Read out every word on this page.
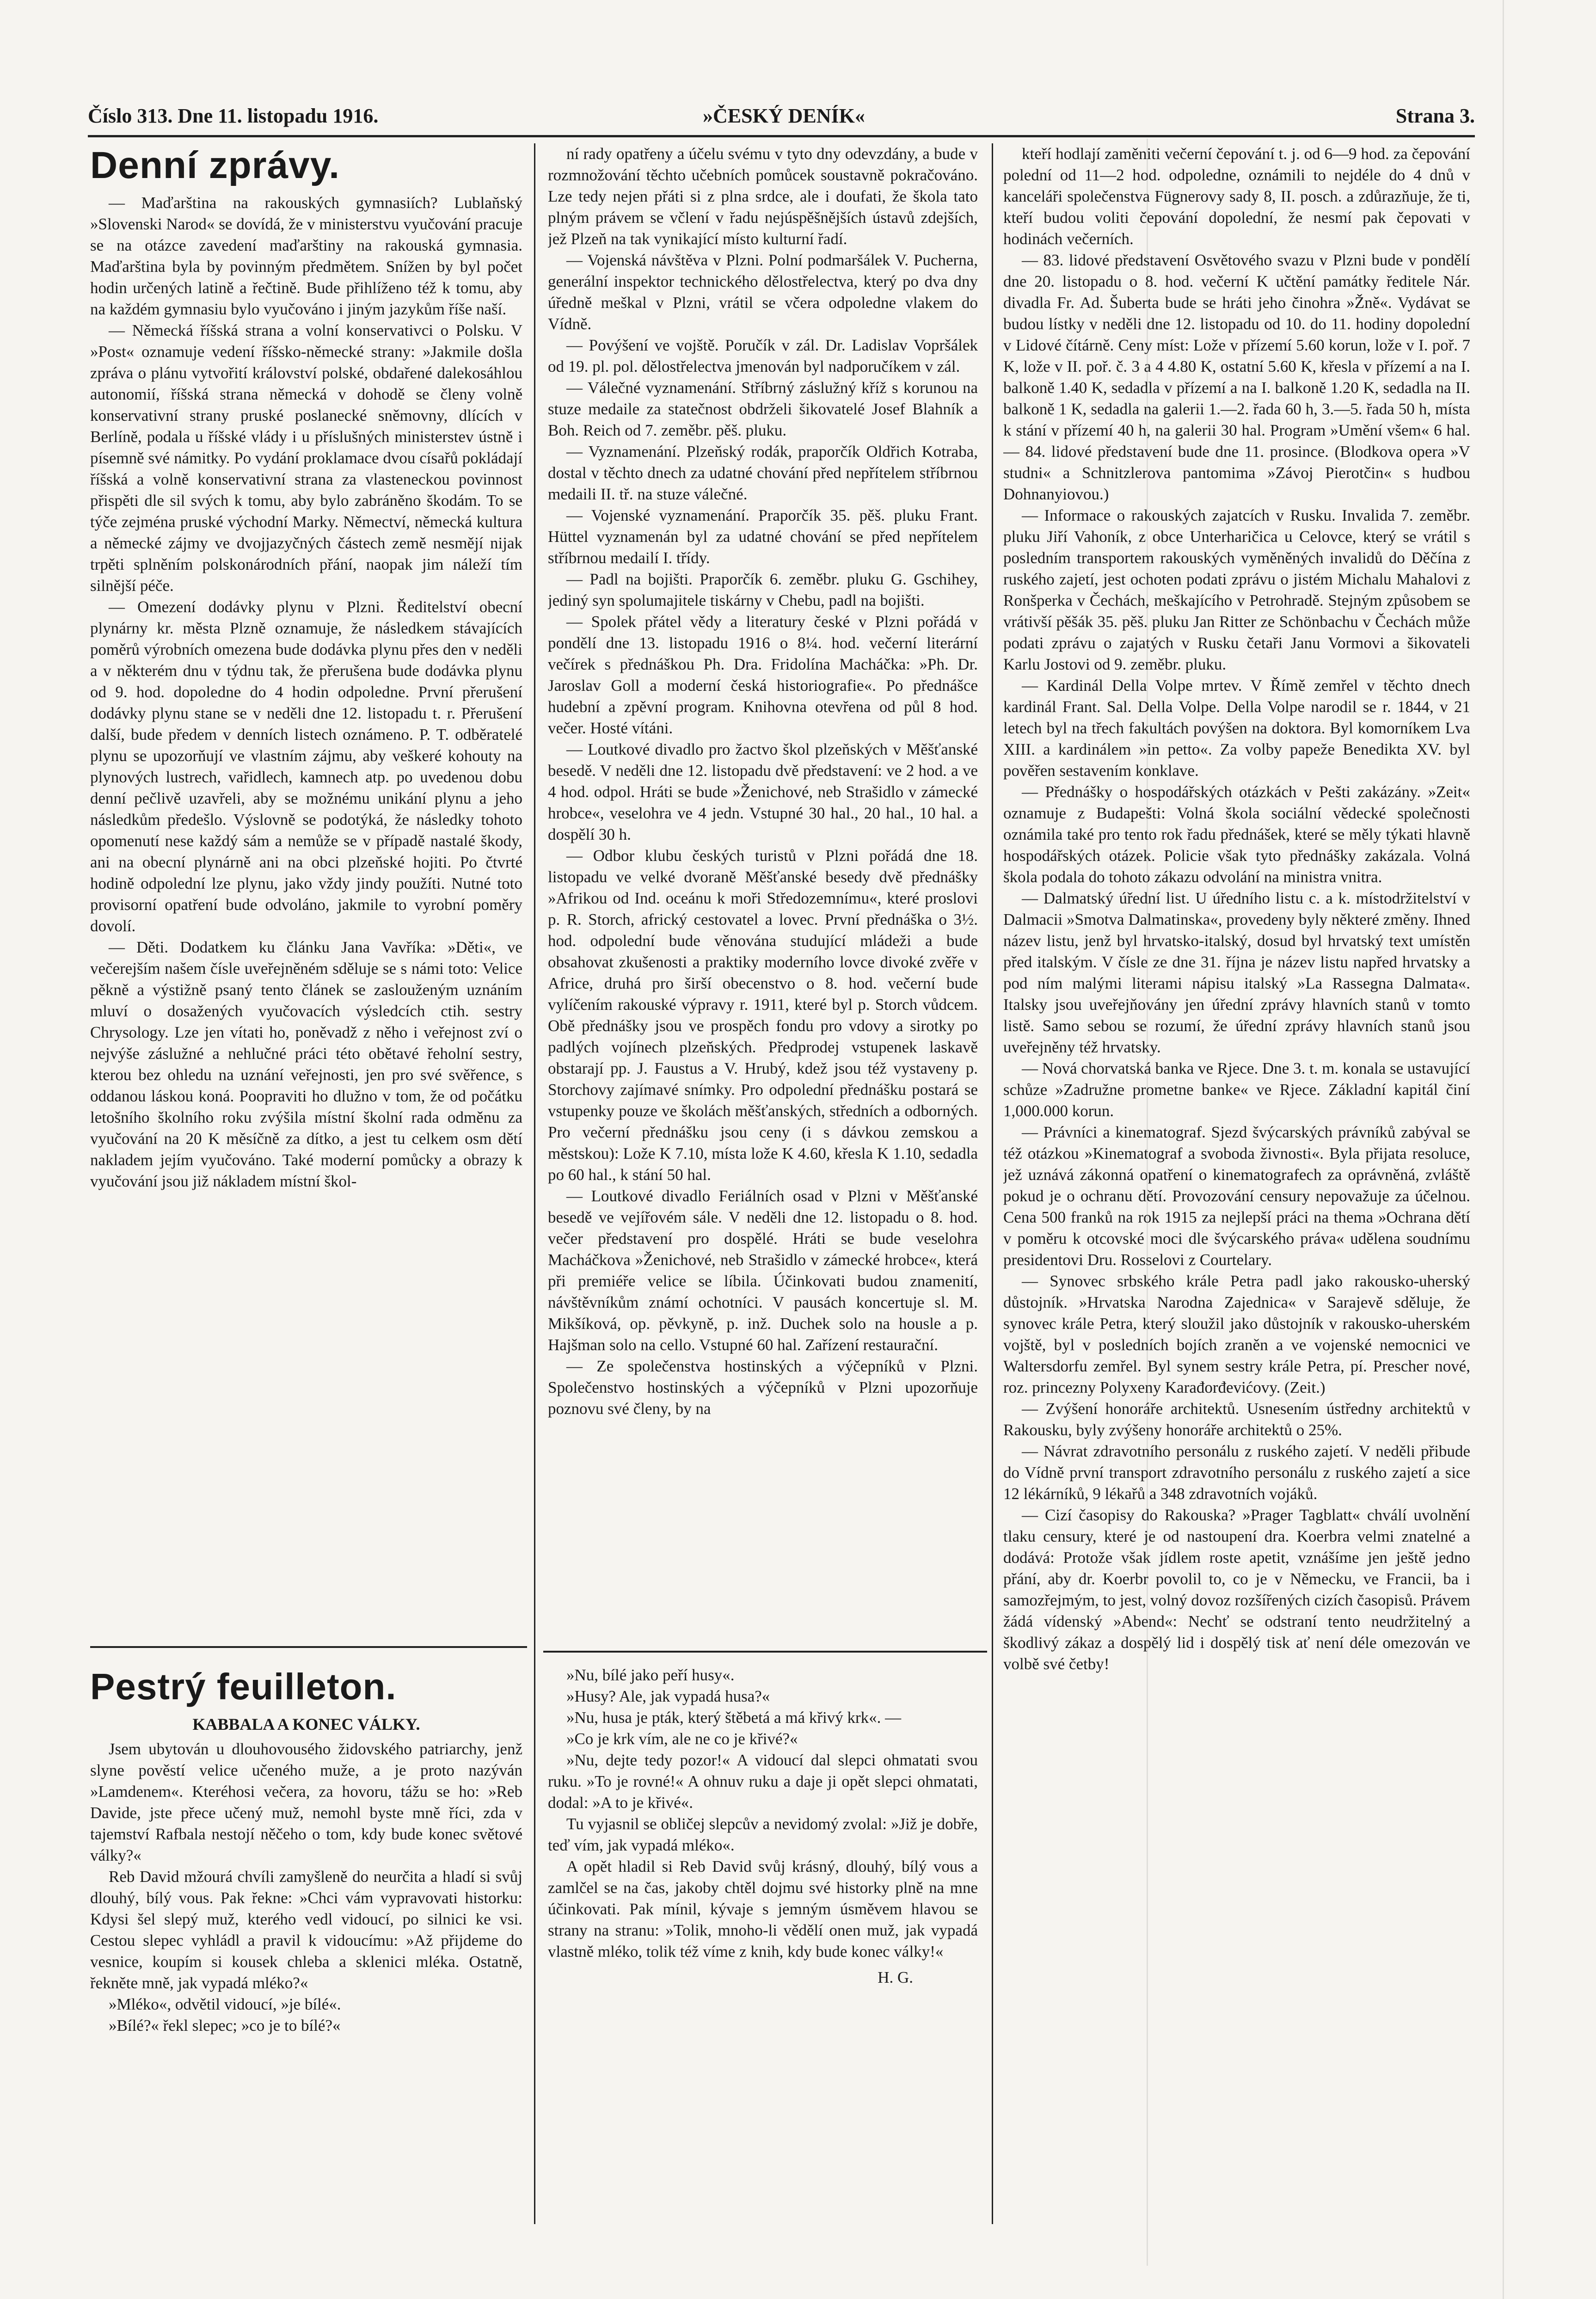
Číslo 313. Dne 11. listopadu 1916.	»ČESKÝ DENÍK«	Strana 3.
Denní zprávy.

— Maďarština na rakouských gymnasiích? Lublaňský »Slovenski Narod« se dovídá, že v ministerstvu vyučování pracuje se na otázce zavedení maďarštiny na rakouská gymnasia. Maďarština byla by povinným předmětem. Snížen by byl počet hodin určených latině a řečtině. Bude přihlíženo též k tomu, aby na každém gymnasiu bylo vyučováno i jiným jazykům říše naší.

— Německá říšská strana a volní konservativci o Polsku. V »Post« oznamuje vedení říšsko-německé strany: »Jakmile došla zpráva o plánu vytvořití království polské, obdařené dalekosáhlou autonomií, říšská strana německá v dohodě se členy volně konservativní strany pruské poslanecké sněmovny, dlících v Berlíně, podala u říšské vlády i u příslušných ministerstev ústně i písemně své námitky. Po vydání proklamace dvou císařů pokládají říšská a volně konservativní strana za vlasteneckou povinnost přispěti dle sil svých k tomu, aby bylo zabráněno škodám. To se týče zejména pruské východní Marky. Němectví, německá kultura a německé zájmy ve dvojjazyčných částech země nesmějí nijak trpěti splněním polskonárodních přání, naopak jim náleží tím silnější péče.

— Omezení dodávky plynu v Plzni. Ředitelství obecní plynárny kr. města Plzně oznamuje, že následkem stávajících poměrů výrobních omezena bude dodávka plynu přes den v neděli a v některém dnu v týdnu tak, že přerušena bude dodávka plynu od 9. hod. dopoledne do 4 hodin odpoledne. První přerušení dodávky plynu stane se v neděli dne 12. listopadu t. r. Přerušení další, bude předem v denních listech oznámeno. P. T. odběratelé plynu se upozorňují ve vlastním zájmu, aby veškeré kohouty na plynových lustrech, vařidlech, kamnech atp. po uvedenou dobu denní pečlivě uzavřeli, aby se možnému unikání plynu a jeho následkům předešlo. Výslovně se podotýká, že následky tohoto opomenutí nese každý sám a nemůže se v případě nastalé škody, ani na obecní plynárně ani na obci plzeňské hojiti. Po čtvrté hodině odpolední lze plynu, jako vždy jindy použíti. Nutné toto provisorní opatření bude odvoláno, jakmile to vyrobní poměry dovolí.

— Děti. Dodatkem ku článku Jana Vavříka: »Děti«, ve večerejším našem čísle uveřejněném sděluje se s námi toto: Velice pěkně a výstižně psaný tento článek se zaslouženým uznáním mluví o dosažených vyučovacích výsledcích ctih. sestry Chrysology. Lze jen vítati ho, poněvadž z něho i veřejnost zví o nejvýše záslužné a nehlučné práci této obětavé řeholní sestry, kterou bez ohledu na uznání veřejnosti, jen pro své svěřence, s oddanou láskou koná. Poopraviti ho dlužno v tom, že od počátku letošního školního roku zvýšila místní školní rada odměnu za vyučování na 20 K měsíčně za dítko, a jest tu celkem osm dětí nakladem jejím vyučováno. Také moderní pomůcky a obrazy k vyučování jsou již nákladem místní škol-

Pestrý feuilleton.
KABBALA A KONEC VÁLKY.

Jsem ubytován u dlouhovousého židovského patriarchy, jenž slyne pověstí velice učeného muže, a je proto nazýván »Lamdenem«. Kteréhosi večera, za hovoru, tážu se ho: »Reb Davide, jste přece učený muž, nemohl byste mně říci, zda v tajemství Rafbala nestojí něčeho o tom, kdy bude konec světové války?«

Reb David mžourá chvíli zamyšleně do neurčita a hladí si svůj dlouhý, bílý vous. Pak řekne: »Chci vám vypravovati historku: Kdysi šel slepý muž, kterého vedl vidoucí, po silnici ke vsi. Cestou slepec vyhládl a pravil k vidoucímu: »Až přijdeme do vesnice, koupím si kousek chleba a sklenici mléka. Ostatně, řekněte mně, jak vypadá mléko?«

»Mléko«, odvětil vidoucí, »je bílé«.

»Bílé?« řekl slepec; »co je to bílé?«

ní rady opatřeny a účelu svému v tyto dny odevzdány, a bude v rozmnožování těchto učebních pomůcek soustavně pokračováno. Lze tedy nejen přáti si z plna srdce, ale i doufati, že škola tato plným právem se včlení v řadu nejúspěšnějších ústavů zdejších, jež Plzeň na tak vynikající místo kulturní řadí.

— Vojenská návštěva v Plzni. Polní podmaršálek V. Pucherna, generální inspektor technického dělostřelectva, který po dva dny úředně meškal v Plzni, vrátil se včera odpoledne vlakem do Vídně.

— Povýšení ve vojště. Poručík v zál. Dr. Ladislav Vopršálek od 19. pl. pol. dělostřelectva jmenován byl nadporučíkem v zál.

— Válečné vyznamenání. Stříbrný záslužný kříž s korunou na stuze medaile za statečnost obdrželi šikovatelé Josef Blahník a Boh. Reich od 7. zeměbr. pěš. pluku.

— Vyznamenání. Plzeňský rodák, praporčík Oldřich Kotraba, dostal v těchto dnech za udatné chování před nepřítelem stříbrnou medaili II. tř. na stuze válečné.

— Vojenské vyznamenání. Praporčík 35. pěš. pluku Frant. Hüttel vyznamenán byl za udatné chování se před nepřítelem stříbrnou medailí I. třídy.

— Padl na bojišti. Praporčík 6. zeměbr. pluku G. Gschihey, jediný syn spolumajitele tiskárny v Chebu, padl na bojišti.

— Spolek přátel vědy a literatury české v Plzni pořádá v pondělí dne 13. listopadu 1916 o 8¼. hod. večerní literární večírek s přednáškou Ph. Dra. Fridolína Macháčka: »Ph. Dr. Jaroslav Goll a moderní česká historiografie«. Po přednášce hudební a zpěvní program. Knihovna otevřena od půl 8 hod. večer. Hosté vítáni.

— Loutkové divadlo pro žactvo škol plzeňských v Měšťanské besedě. V neděli dne 12. listopadu dvě představení: ve 2 hod. a ve 4 hod. odpol. Hráti se bude »Ženichové, neb Strašidlo v zámecké hrobce«, veselohra ve 4 jedn. Vstupné 30 hal., 20 hal., 10 hal. a dospělí 30 h.

— Odbor klubu českých turistů v Plzni pořádá dne 18. listopadu ve velké dvoraně Měšťanské besedy dvě přednášky »Afrikou od Ind. oceánu k moři Středozemnímu«, které proslovi p. R. Storch, africký cestovatel a lovec. První přednáška o 3½. hod. odpolední bude věnována studující mládeži a bude obsahovat zkušenosti a praktiky moderního lovce divoké zvěře v Africe, druhá pro širší obecenstvo o 8. hod. večerní bude vylíčením rakouské výpravy r. 1911, které byl p. Storch vůdcem. Obě přednášky jsou ve prospěch fondu pro vdovy a sirotky po padlých vojínech plzeňských. Předprodej vstupenek laskavě obstarají pp. J. Faustus a V. Hrubý, kdež jsou též vystaveny p. Storchovy zajímavé snímky. Pro odpolední přednášku postará se vstupenky pouze ve školách měšťanských, středních a odborných. Pro večerní přednášku jsou ceny (i s dávkou zemskou a městskou): Lože K 7.10, místa lože K 4.60, křesla K 1.10, sedadla po 60 hal., k stání 50 hal.

— Loutkové divadlo Feriálních osad v Plzni v Měšťanské besedě ve vejířovém sále. V neděli dne 12. listopadu o 8. hod. večer představení pro dospělé. Hráti se bude veselohra Macháčkova »Ženichové, neb Strašidlo v zámecké hrobce«, která při premiéře velice se líbila. Účinkovati budou znamenití, návštěvníkům známí ochotníci. V pausách koncertuje sl. M. Mikšíková, op. pěvkyně, p. inž. Duchek solo na housle a p. Hajšman solo na cello. Vstupné 60 hal. Zařízení restaurační.

— Ze společenstva hostinských a výčepníků v Plzni. Společenstvo hostinských a výčepníků v Plzni upozorňuje poznovu své členy, by na

»Nu, bílé jako peří husy«.

»Husy? Ale, jak vypadá husa?«

»Nu, husa je pták, který štěbetá a má křivý krk«. —

»Co je krk vím, ale ne co je křivé?«

»Nu, dejte tedy pozor!« A vidoucí dal slepci ohmatati svou ruku. »To je rovné!« A ohnuv ruku a daje ji opět slepci ohmatati, dodal: »A to je křivé«.

Tu vyjasnil se obličej slepcův a nevidomý zvolal: »Již je dobře, teď vím, jak vypadá mléko«.

A opět hladil si Reb David svůj krásný, dlouhý, bílý vous a zamlčel se na čas, jakoby chtěl dojmu své historky plně na mne účinkovati. Pak mínil, kývaje s jemným úsměvem hlavou se strany na stranu: »Tolik, mnoho-li vědělí onen muž, jak vypadá vlastně mléko, tolik též víme z knih, kdy bude konec války!«

H. G.

kteří hodlají zaměniti večerní čepování t. j. od 6—9 hod. za čepování polední od 11—2 hod. odpoledne, oznámili to nejdéle do 4 dnů v kanceláři společenstva Fügnerovy sady 8, II. posch. a zdůrazňuje, že ti, kteří budou voliti čepování dopolední, že nesmí pak čepovati v hodinách večerních.

— 83. lidové představení Osvětového svazu v Plzni bude v pondělí dne 20. listopadu o 8. hod. večerní K učtění památky ředitele Nár. divadla Fr. Ad. Šuberta bude se hráti jeho činohra »Žně«. Vydávat se budou lístky v neděli dne 12. listopadu od 10. do 11. hodiny dopolední v Lidové čítárně. Ceny míst: Lože v přízemí 5.60 korun, lože v I. poř. 7 K, lože v II. poř. č. 3 a 4 4.80 K, ostatní 5.60 K, křesla v přízemí a na I. balkoně 1.40 K, sedadla v přízemí a na I. balkoně 1.20 K, sedadla na II. balkoně 1 K, sedadla na galerii 1.—2. řada 60 h, 3.—5. řada 50 h, místa k stání v přízemí 40 h, na galerii 30 hal. Program »Umění všem« 6 hal. — 84. lidové představení bude dne 11. prosince. (Blodkova opera »V studni« a Schnitzlerova pantomima »Závoj Pierotčin« s hudbou Dohnanyiovou.)

— Informace o rakouských zajatcích v Rusku. Invalida 7. zeměbr. pluku Jiří Vahoník, z obce Unterharičica u Celovce, který se vrátil s posledním transportem rakouských vyměněných invalidů do Děčína z ruského zajetí, jest ochoten podati zprávu o jistém Michalu Mahalovi z Ronšperka v Čechách, meškajícího v Petrohradě. Stejným způsobem se vrátivší pěšák 35. pěš. pluku Jan Ritter ze Schönbachu v Čechách může podati zprávu o zajatých v Rusku četaři Janu Vormovi a šikovateli Karlu Jostovi od 9. zeměbr. pluku.

— Kardinál Della Volpe mrtev. V Římě zemřel v těchto dnech kardinál Frant. Sal. Della Volpe. Della Volpe narodil se r. 1844, v 21 letech byl na třech fakultách povýšen na doktora. Byl komorníkem Lva XIII. a kardinálem »in petto«. Za volby papeže Benedikta XV. byl pověřen sestavením konklave.

— Přednášky o hospodářských otázkách v Pešti zakázány. »Zeit« oznamuje z Budapešti: Volná škola sociální vědecké společnosti oznámila také pro tento rok řadu přednášek, které se měly týkati hlavně hospodářských otázek. Policie však tyto přednášky zakázala. Volná škola podala do tohoto zákazu odvolání na ministra vnitra.

— Dalmatský úřední list. U úředního listu c. a k. místodržitelství v Dalmacii »Smotva Dalmatinska«, provedeny byly některé změny. Ihned název listu, jenž byl hrvatsko-italský, dosud byl hrvatský text umístěn před italským. V čísle ze dne 31. října je název listu napřed hrvatsky a pod ním malými literami nápisu italský »La Rassegna Dalmata«. Italsky jsou uveřejňovány jen úřední zprávy hlavních stanů v tomto listě. Samo sebou se rozumí, že úřední zprávy hlavních stanů jsou uveřejněny též hrvatsky.

— Nová chorvatská banka ve Rjece. Dne 3. t. m. konala se ustavující schůze »Zadružne prometne banke« ve Rjece. Základní kapitál činí 1,000.000 korun.

— Právníci a kinematograf. Sjezd švýcarských právníků zabýval se též otázkou »Kinematograf a svoboda živnosti«. Byla přijata resoluce, jež uznává zákonná opatření o kinematografech za oprávněná, zvláště pokud je o ochranu dětí. Provozování censury nepovažuje za účelnou. Cena 500 franků na rok 1915 za nejlepší práci na thema »Ochrana dětí v poměru k otcovské moci dle švýcarského práva« udělena soudnímu presidentovi Dru. Rosselovi z Courtelary.

— Synovec srbského krále Petra padl jako rakousko-uherský důstojník. »Hrvatska Narodna Zajednica« v Sarajevě sděluje, že synovec krále Petra, který sloužil jako důstojník v rakousko-uherském vojště, byl v posledních bojích zraněn a ve vojenské nemocnici ve Waltersdorfu zemřel. Byl synem sestry krále Petra, pí. Prescher nové, roz. princezny Polyxeny Karađorđevićovy. (Zeit.)

— Zvýšení honoráře architektů. Usnesením ústředny architektů v Rakousku, byly zvýšeny honoráře architektů o 25%.

— Návrat zdravotního personálu z ruského zajetí. V neděli přibude do Vídně první transport zdravotního personálu z ruského zajetí a sice 12 lékárníků, 9 lékařů a 348 zdravotních vojáků.

— Cizí časopisy do Rakouska? »Prager Tagblatt« chválí uvolnění tlaku censury, které je od nastoupení dra. Koerbra velmi znatelné a dodává: Protože však jídlem roste apetit, vznášíme jen ještě jedno přání, aby dr. Koerbr povolil to, co je v Německu, ve Francii, ba i samozřejmým, to jest, volný dovoz rozšířených cizích časopisů. Právem žádá vídenský »Abend«: Nechť se odstraní tento neudržitelný a škodlivý zákaz a dospělý lid i dospělý tisk ať není déle omezován ve volbě své četby!
